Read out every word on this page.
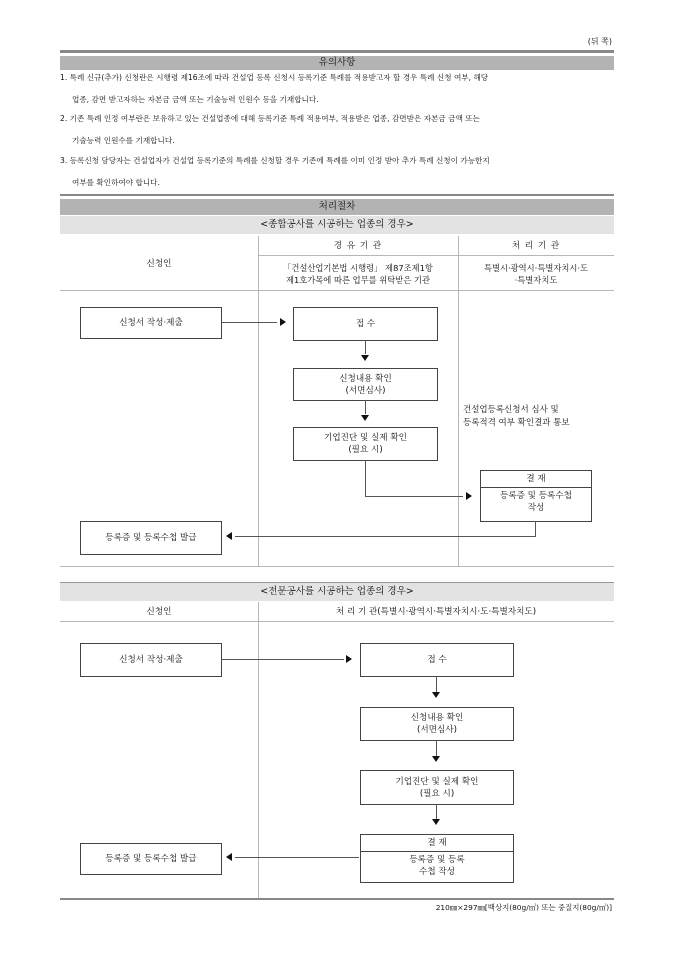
(뒤 쪽)
유의사항
1. 특례 신규(추가) 신청란은 시행령 제16조에 따라 건설업 등록 신청시 등록기준 특례를 적용받고자 할 경우 특례 신청 여부, 해당
업종, 감면 받고자하는 자본금 금액 또는 기술능력 인원수 등을 기재합니다.
2. 기존 특례 인정 여부란은 보유하고 있는 건설업종에 대해 등록기준 특례 적용여부, 적용받은 업종, 감면받은 자본금 금액 또는
기술능력 인원수를 기재합니다.
3. 등록신청 담당자는 건설업자가 건설업 등록기준의 특례를 신청할 경우 기존에 특례를 이미 인정 받아 추가 특례 신청이 가능한지
여부를 확인하여야 합니다.
처리절차
<종합공사를 시공하는 업종의 경우>
신청인
경 유 기 관
「건설산업기본법 시행령」 제87조제1항
제1호가목에 따른 업무를 위탁받은 기관
처 리 기 관
특별시·광역시·특별자치시·도
·특별자치도
신청서 작성·제출	접 수
신청내용 확인
(서면심사)
기업진단 및 실제 확인
(필요 시)
건설업등록신청서 심사 및
등록적격 여부 확인결과 통보
결 재
등록증 및 등록수첩
작성
등록증 및 등록수첩 발급
<전문공사를 시공하는 업종의 경우>
신청인	처 리 기 관(특별시·광역시·특별자치시·도·특별자치도)
신청서 작성·제출	접 수
신청내용 확인
(서면심사)
기업진단 및 실제 확인
(필요 시)
결 재
등록증 및 등록
수첩 작성
등록증 및 등록수첩 발급
210㎜×297㎜[백상지(80g/㎡) 또는 중질지(80g/㎡)]
